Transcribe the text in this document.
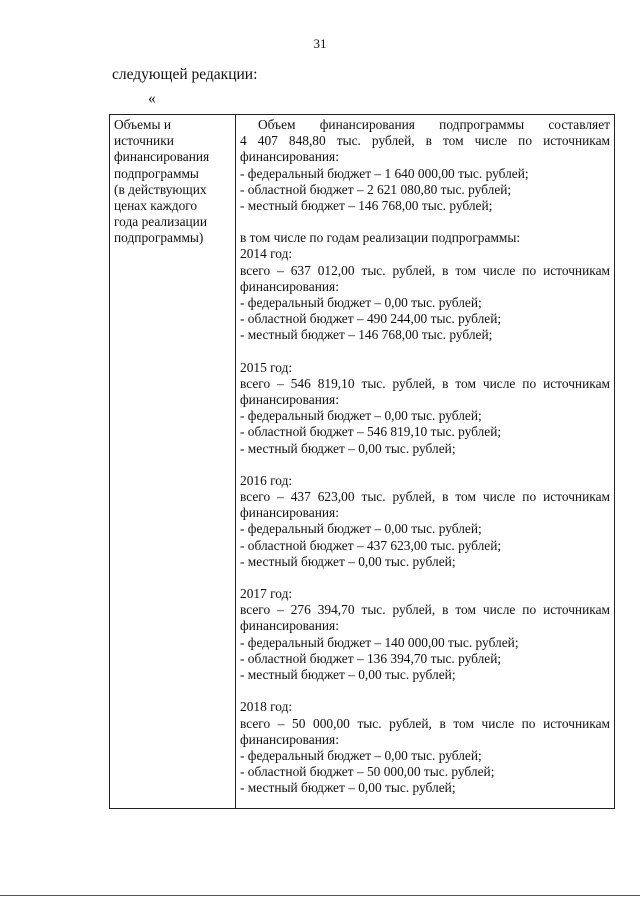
31
следующей редакции:
«
Объемы и
источники
финансирования
подпрограммы
(в действующих
ценах каждого
года реализации
подпрограммы)

Объем финансирования подпрограммы составляет
4 407 848,80 тыс. рублей, в том числе по источникам
финансирования:
- федеральный бюджет – 1 640 000,00 тыс. рублей;
- областной бюджет – 2 621 080,80 тыс. рублей;
- местный бюджет – 146 768,00 тыс. рублей;
в том числе по годам реализации подпрограммы:
2014 год:
всего – 637 012,00 тыс. рублей, в том числе по источникам
финансирования:
- федеральный бюджет – 0,00 тыс. рублей;
- областной бюджет – 490 244,00 тыс. рублей;
- местный бюджет – 146 768,00 тыс. рублей;
2015 год:
всего – 546 819,10 тыс. рублей, в том числе по источникам
финансирования:
- федеральный бюджет – 0,00 тыс. рублей;
- областной бюджет – 546 819,10 тыс. рублей;
- местный бюджет – 0,00 тыс. рублей;
2016 год:
всего – 437 623,00 тыс. рублей, в том числе по источникам
финансирования:
- федеральный бюджет – 0,00 тыс. рублей;
- областной бюджет – 437 623,00 тыс. рублей;
- местный бюджет – 0,00 тыс. рублей;
2017 год:
всего – 276 394,70 тыс. рублей, в том числе по источникам
финансирования:
- федеральный бюджет – 140 000,00 тыс. рублей;
- областной бюджет – 136 394,70 тыс. рублей;
- местный бюджет – 0,00 тыс. рублей;
2018 год:
всего – 50 000,00 тыс. рублей, в том числе по источникам
финансирования:
- федеральный бюджет – 0,00 тыс. рублей;
- областной бюджет – 50 000,00 тыс. рублей;
- местный бюджет – 0,00 тыс. рублей;
